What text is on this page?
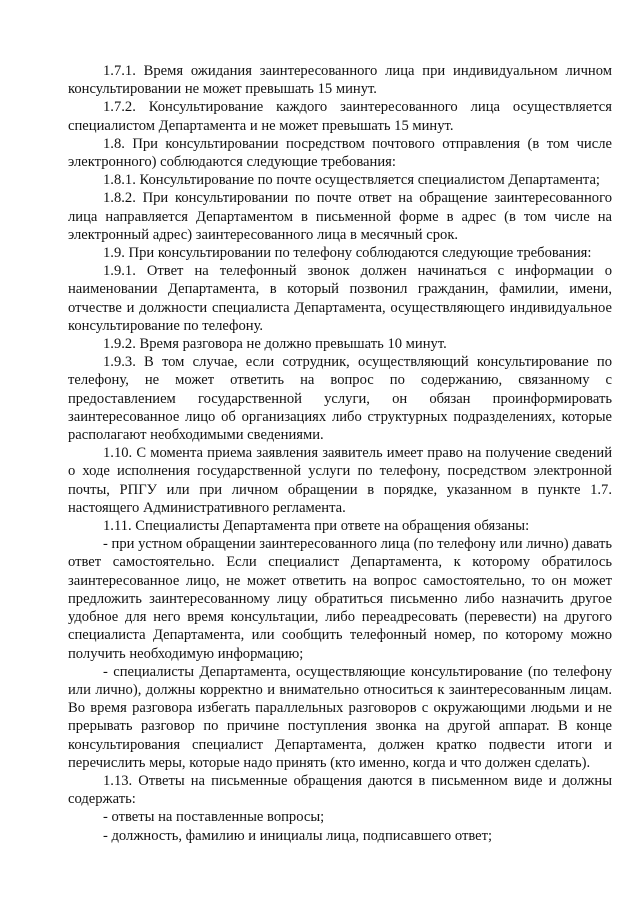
1.7.1. Время ожидания заинтересованного лица при индивидуальном личном консультировании не может превышать 15 минут.

1.7.2. Консультирование каждого заинтересованного лица осуществляется специалистом Департамента и не может превышать 15 минут.

1.8. При консультировании посредством почтового отправления (в том числе электронного) соблюдаются следующие требования:

1.8.1. Консультирование по почте осуществляется специалистом Департамента;

1.8.2. При консультировании по почте ответ на обращение заинтересованного лица направляется Департаментом в письменной форме в адрес (в том числе на электронный адрес) заинтересованного лица в месячный срок.

1.9. При консультировании по телефону соблюдаются следующие требования:

1.9.1. Ответ на телефонный звонок должен начинаться с информации о наименовании Департамента, в который позвонил гражданин, фамилии, имени, отчестве и должности специалиста Департамента, осуществляющего индивидуальное консультирование по телефону.

1.9.2. Время разговора не должно превышать 10 минут.

1.9.3. В том случае, если сотрудник, осуществляющий консультирование по телефону, не может ответить на вопрос по содержанию, связанному с предоставлением государственной услуги, он обязан проинформировать заинтересованное лицо об организациях либо структурных подразделениях, которые располагают необходимыми сведениями.

1.10. С момента приема заявления заявитель имеет право на получение сведений о ходе исполнения государственной услуги по телефону, посредством электронной почты, РПГУ или при личном обращении в порядке, указанном в пункте 1.7. настоящего Административного регламента.

1.11. Специалисты Департамента при ответе на обращения обязаны:

- при устном обращении заинтересованного лица (по телефону или лично) давать ответ самостоятельно. Если специалист Департамента, к которому обратилось заинтересованное лицо, не может ответить на вопрос самостоятельно, то он может предложить заинтересованному лицу обратиться письменно либо назначить другое удобное для него время консультации, либо переадресовать (перевести) на другого специалиста Департамента, или сообщить телефонный номер, по которому можно получить необходимую информацию;

- специалисты Департамента, осуществляющие консультирование (по телефону или лично), должны корректно и внимательно относиться к заинтересованным лицам. Во время разговора избегать параллельных разговоров с окружающими людьми и не прерывать разговор по причине поступления звонка на другой аппарат. В конце консультирования специалист Департамента, должен кратко подвести итоги и перечислить меры, которые надо принять (кто именно, когда и что должен сделать).

1.13. Ответы на письменные обращения даются в письменном виде и должны содержать:

- ответы на поставленные вопросы;

- должность, фамилию и инициалы лица, подписавшего ответ;
